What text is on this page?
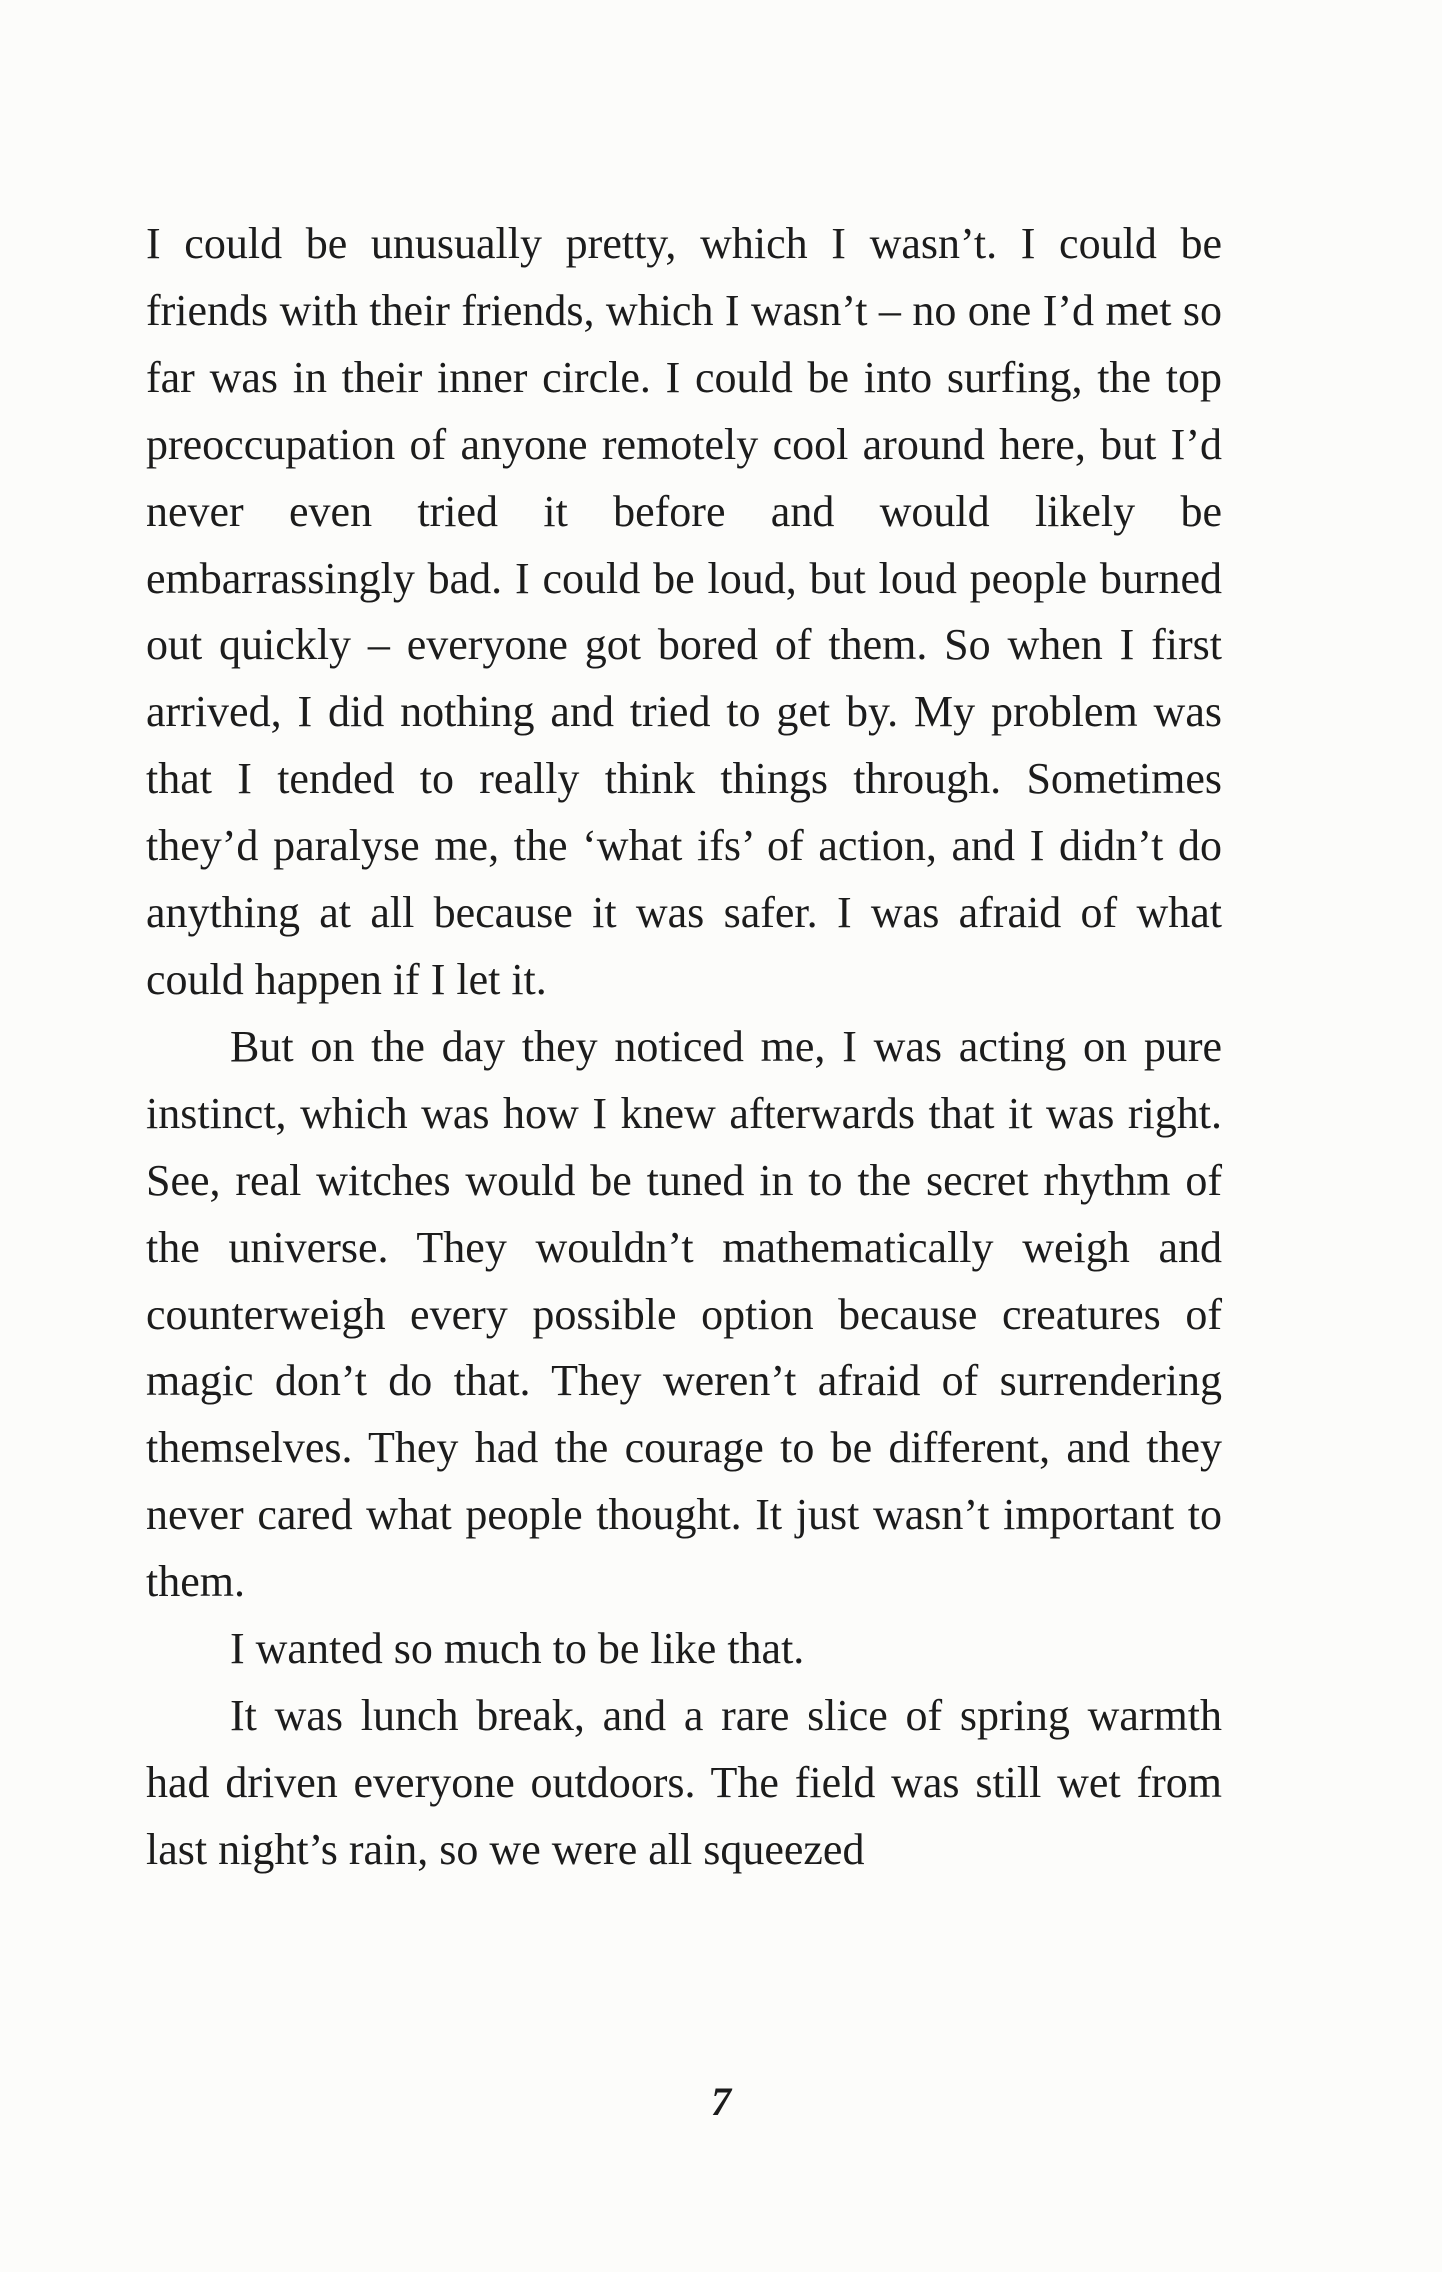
I could be unusually pretty, which I wasn’t. I could be friends with their friends, which I wasn’t – no one I’d met so far was in their inner circle. I could be into surfing, the top preoccupation of anyone remotely cool around here, but I’d never even tried it before and would likely be embarrassingly bad. I could be loud, but loud people burned out quickly – everyone got bored of them. So when I first arrived, I did nothing and tried to get by. My problem was that I tended to really think things through. Sometimes they’d paralyse me, the ‘what ifs’ of action, and I didn’t do anything at all because it was safer. I was afraid of what could happen if I let it.

But on the day they noticed me, I was acting on pure instinct, which was how I knew afterwards that it was right. See, real witches would be tuned in to the secret rhythm of the universe. They wouldn’t mathematically weigh and counterweigh every possible option because creatures of magic don’t do that. They weren’t afraid of surrendering themselves. They had the courage to be different, and they never cared what people thought. It just wasn’t important to them.

I wanted so much to be like that.

It was lunch break, and a rare slice of spring warmth had driven everyone outdoors. The field was still wet from last night’s rain, so we were all squeezed

7
